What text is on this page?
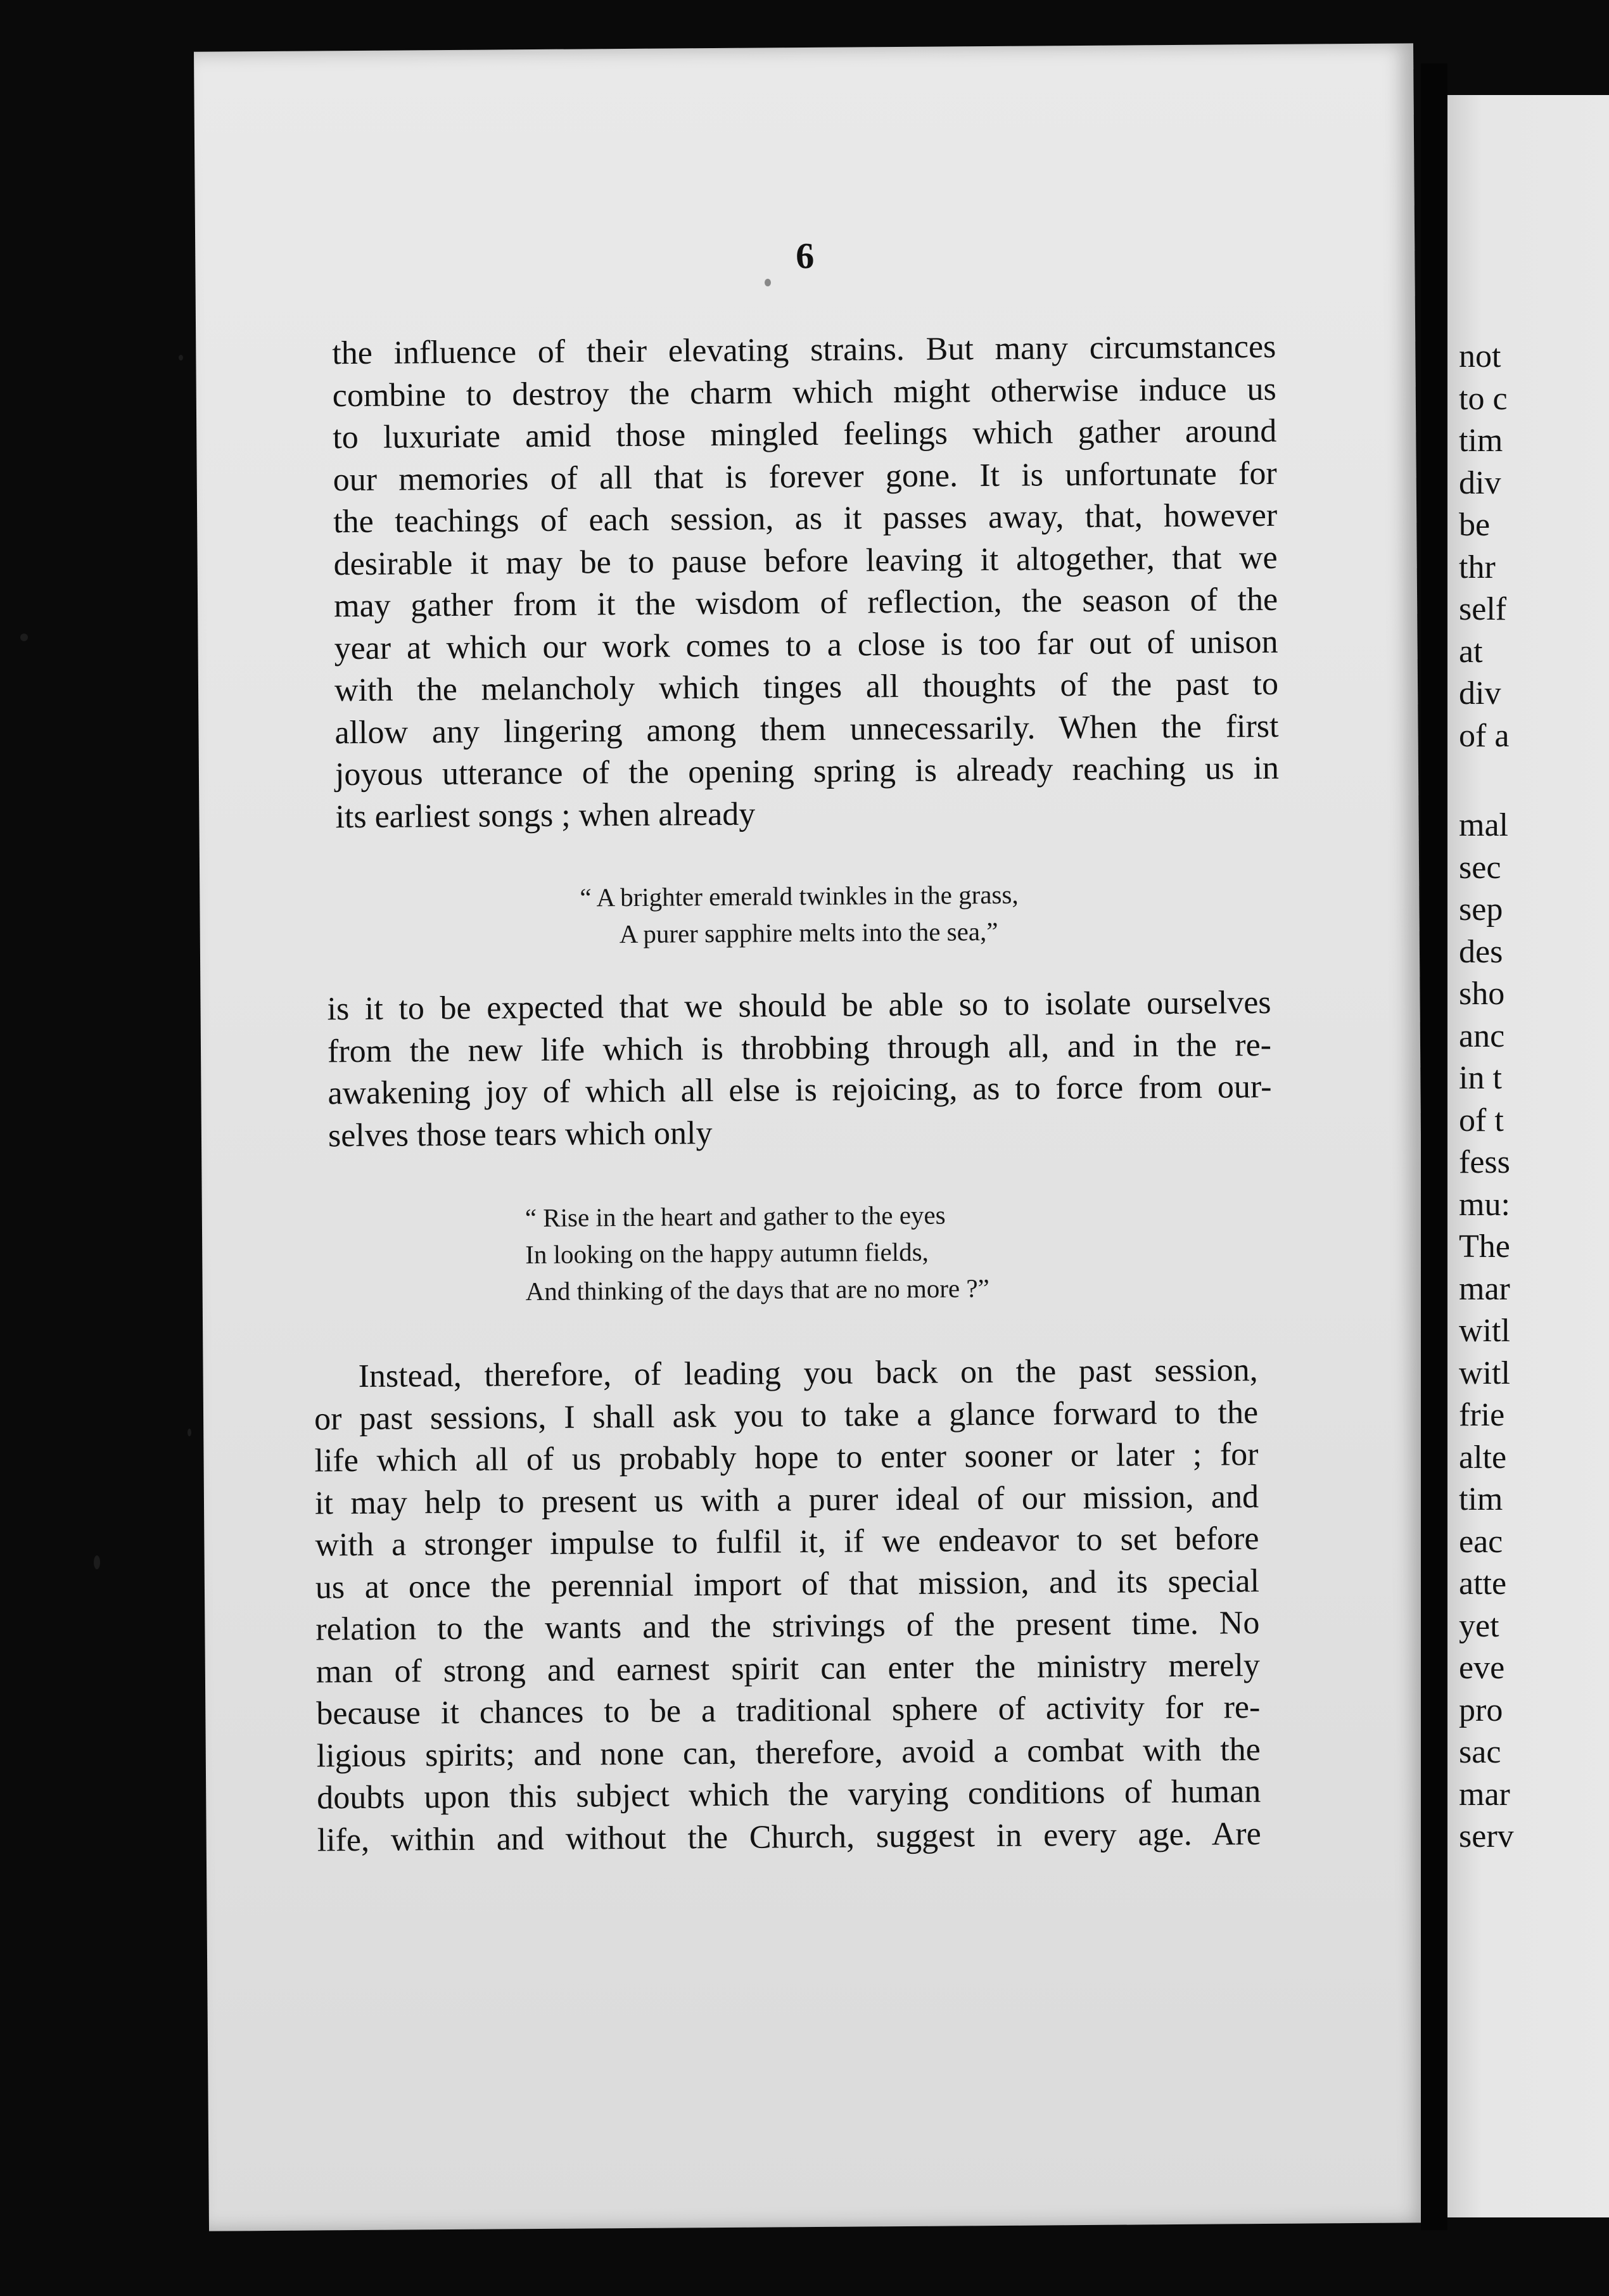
6
the influence of their elevating strains. But many circumstances
combine to destroy the charm which might otherwise induce us
to luxuriate amid those mingled feelings which gather around
our memories of all that is forever gone. It is unfortunate for
the teachings of each session, as it passes away, that, however
desirable it may be to pause before leaving it altogether, that we
may gather from it the wisdom of reflection, the season of the
year at which our work comes to a close is too far out of unison
with the melancholy which tinges all thoughts of the past to
allow any lingering among them unnecessarily. When the first
joyous utterance of the opening spring is already reaching us in
its earliest songs ; when already
“ A brighter emerald twinkles in the grass,
A purer sapphire melts into the sea,”
is it to be expected that we should be able so to isolate ourselves
from the new life which is throbbing through all, and in the re-
awakening joy of which all else is rejoicing, as to force from our-
selves those tears which only
“ Rise in the heart and gather to the eyes
In looking on the happy autumn fields,
And thinking of the days that are no more ?”
Instead, therefore, of leading you back on the past session,
or past sessions, I shall ask you to take a glance forward to the
life which all of us probably hope to enter sooner or later ; for
it may help to present us with a purer ideal of our mission, and
with a stronger impulse to fulfil it, if we endeavor to set before
us at once the perennial import of that mission, and its special
relation to the wants and the strivings of the present time. No
man of strong and earnest spirit can enter the ministry merely
because it chances to be a traditional sphere of activity for re-
ligious spirits; and none can, therefore, avoid a combat with the
doubts upon this subject which the varying conditions of human
life, within and without the Church, suggest in every age. Are
not
to c
tim
div
be
thr
self
at
div
of a
mal
sec
sep
des
sho
anc
in t
of t
fess
mu:
The
mar
witl
witl
frie
alte
tim
eac
atte
yet
eve
pro
sac
mar
serv
